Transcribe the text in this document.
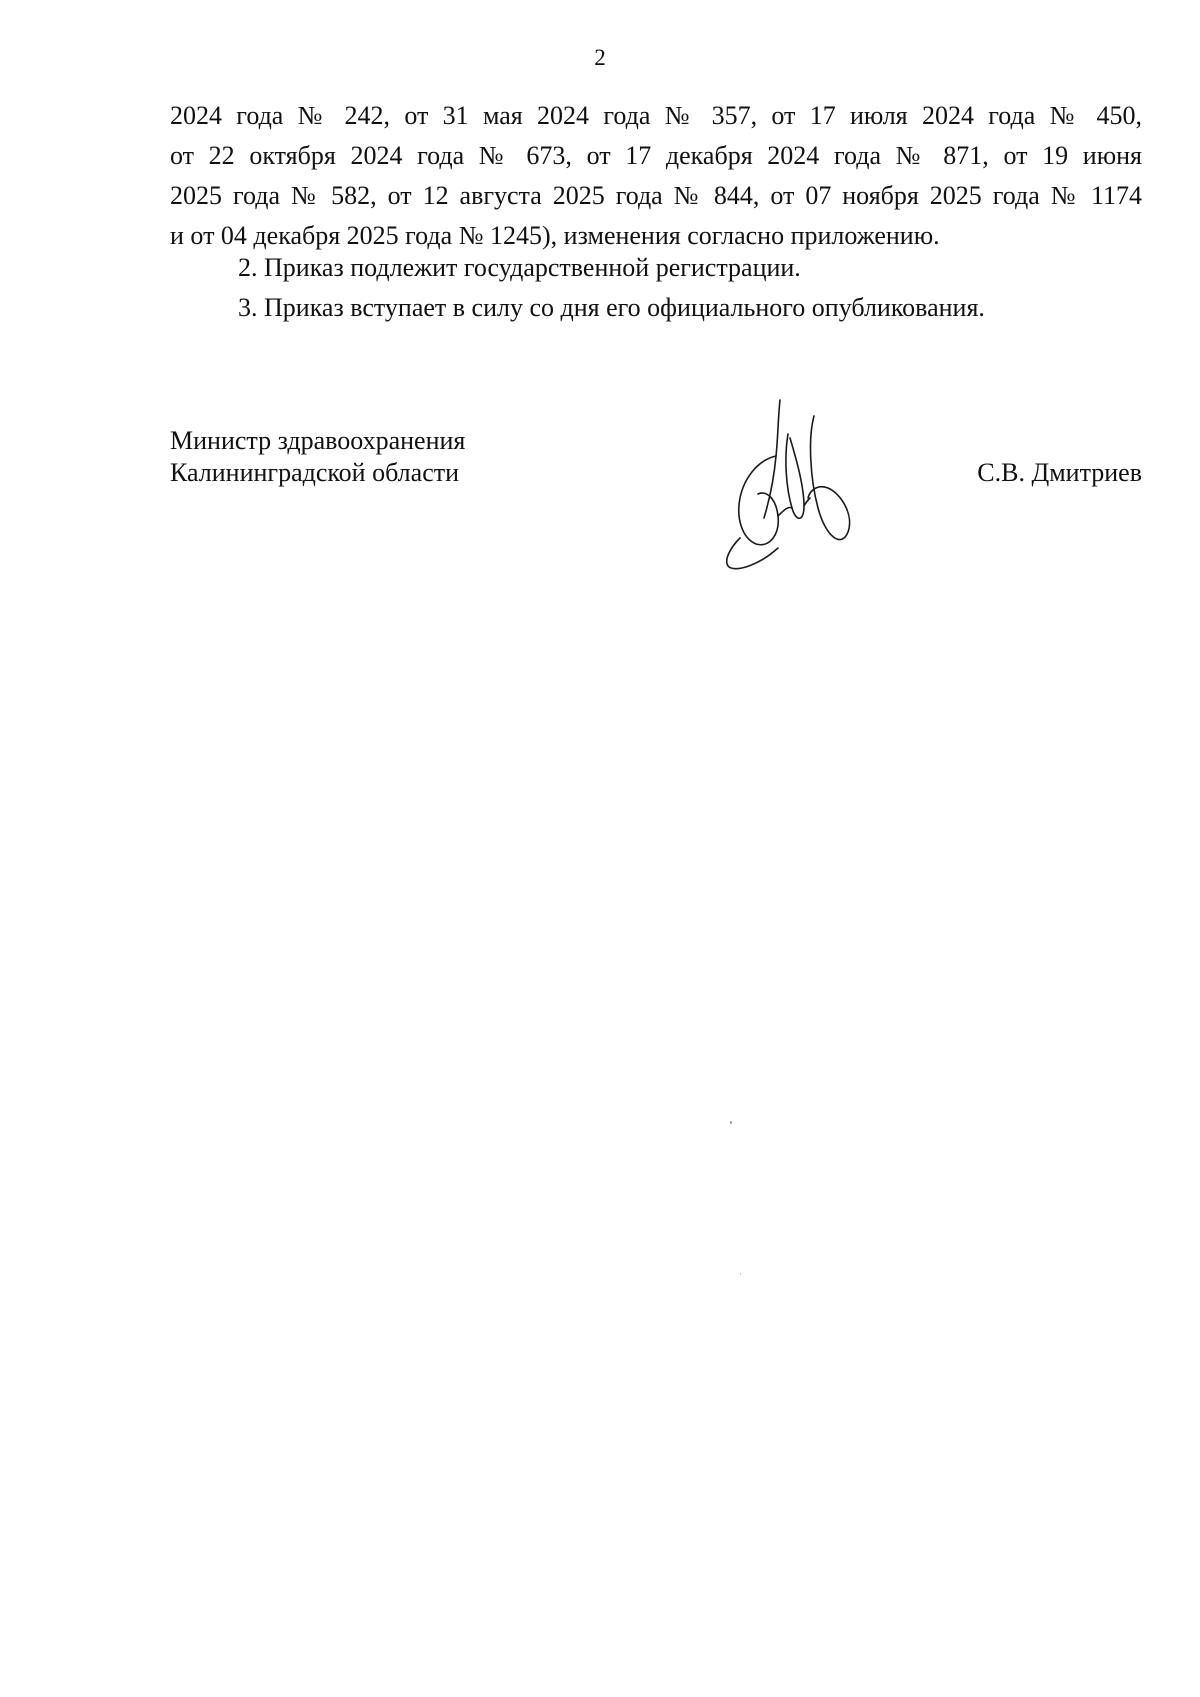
2
2024 года № 242, от 31 мая 2024 года № 357, от 17 июля 2024 года № 450,
от 22 октября 2024 года № 673, от 17 декабря 2024 года № 871, от 19 июня
2025 года № 582, от 12 августа 2025 года № 844, от 07 ноября 2025 года № 1174
и от 04 декабря 2025 года № 1245), изменения согласно приложению.
2. Приказ подлежит государственной регистрации.
3. Приказ вступает в силу со дня его официального опубликования.
Министр здравоохранения
Калининградской области	С.В. Дмитриев
